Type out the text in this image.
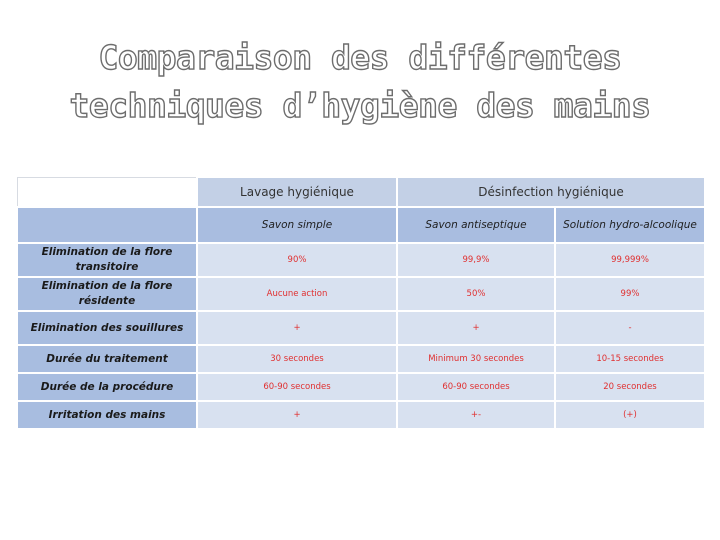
Comparaison des différentes
techniques d’hygiène des mains
	Lavage hygiénique	Désinfection hygiénique	
	Savon simple	Savon antiseptique	Solution hydro-alcoolique
Elimination de la flore transitoire	90%	99,9%	99,999%
Elimination de la flore résidente	Aucune action	50%	99%
Elimination des souillures	+	+	-
Durée du traitement	30 secondes	Minimum 30 secondes	10-15 secondes
Durée de la procédure	60-90 secondes	60-90 secondes	20 secondes
Irritation des mains	+	+-	(+)
